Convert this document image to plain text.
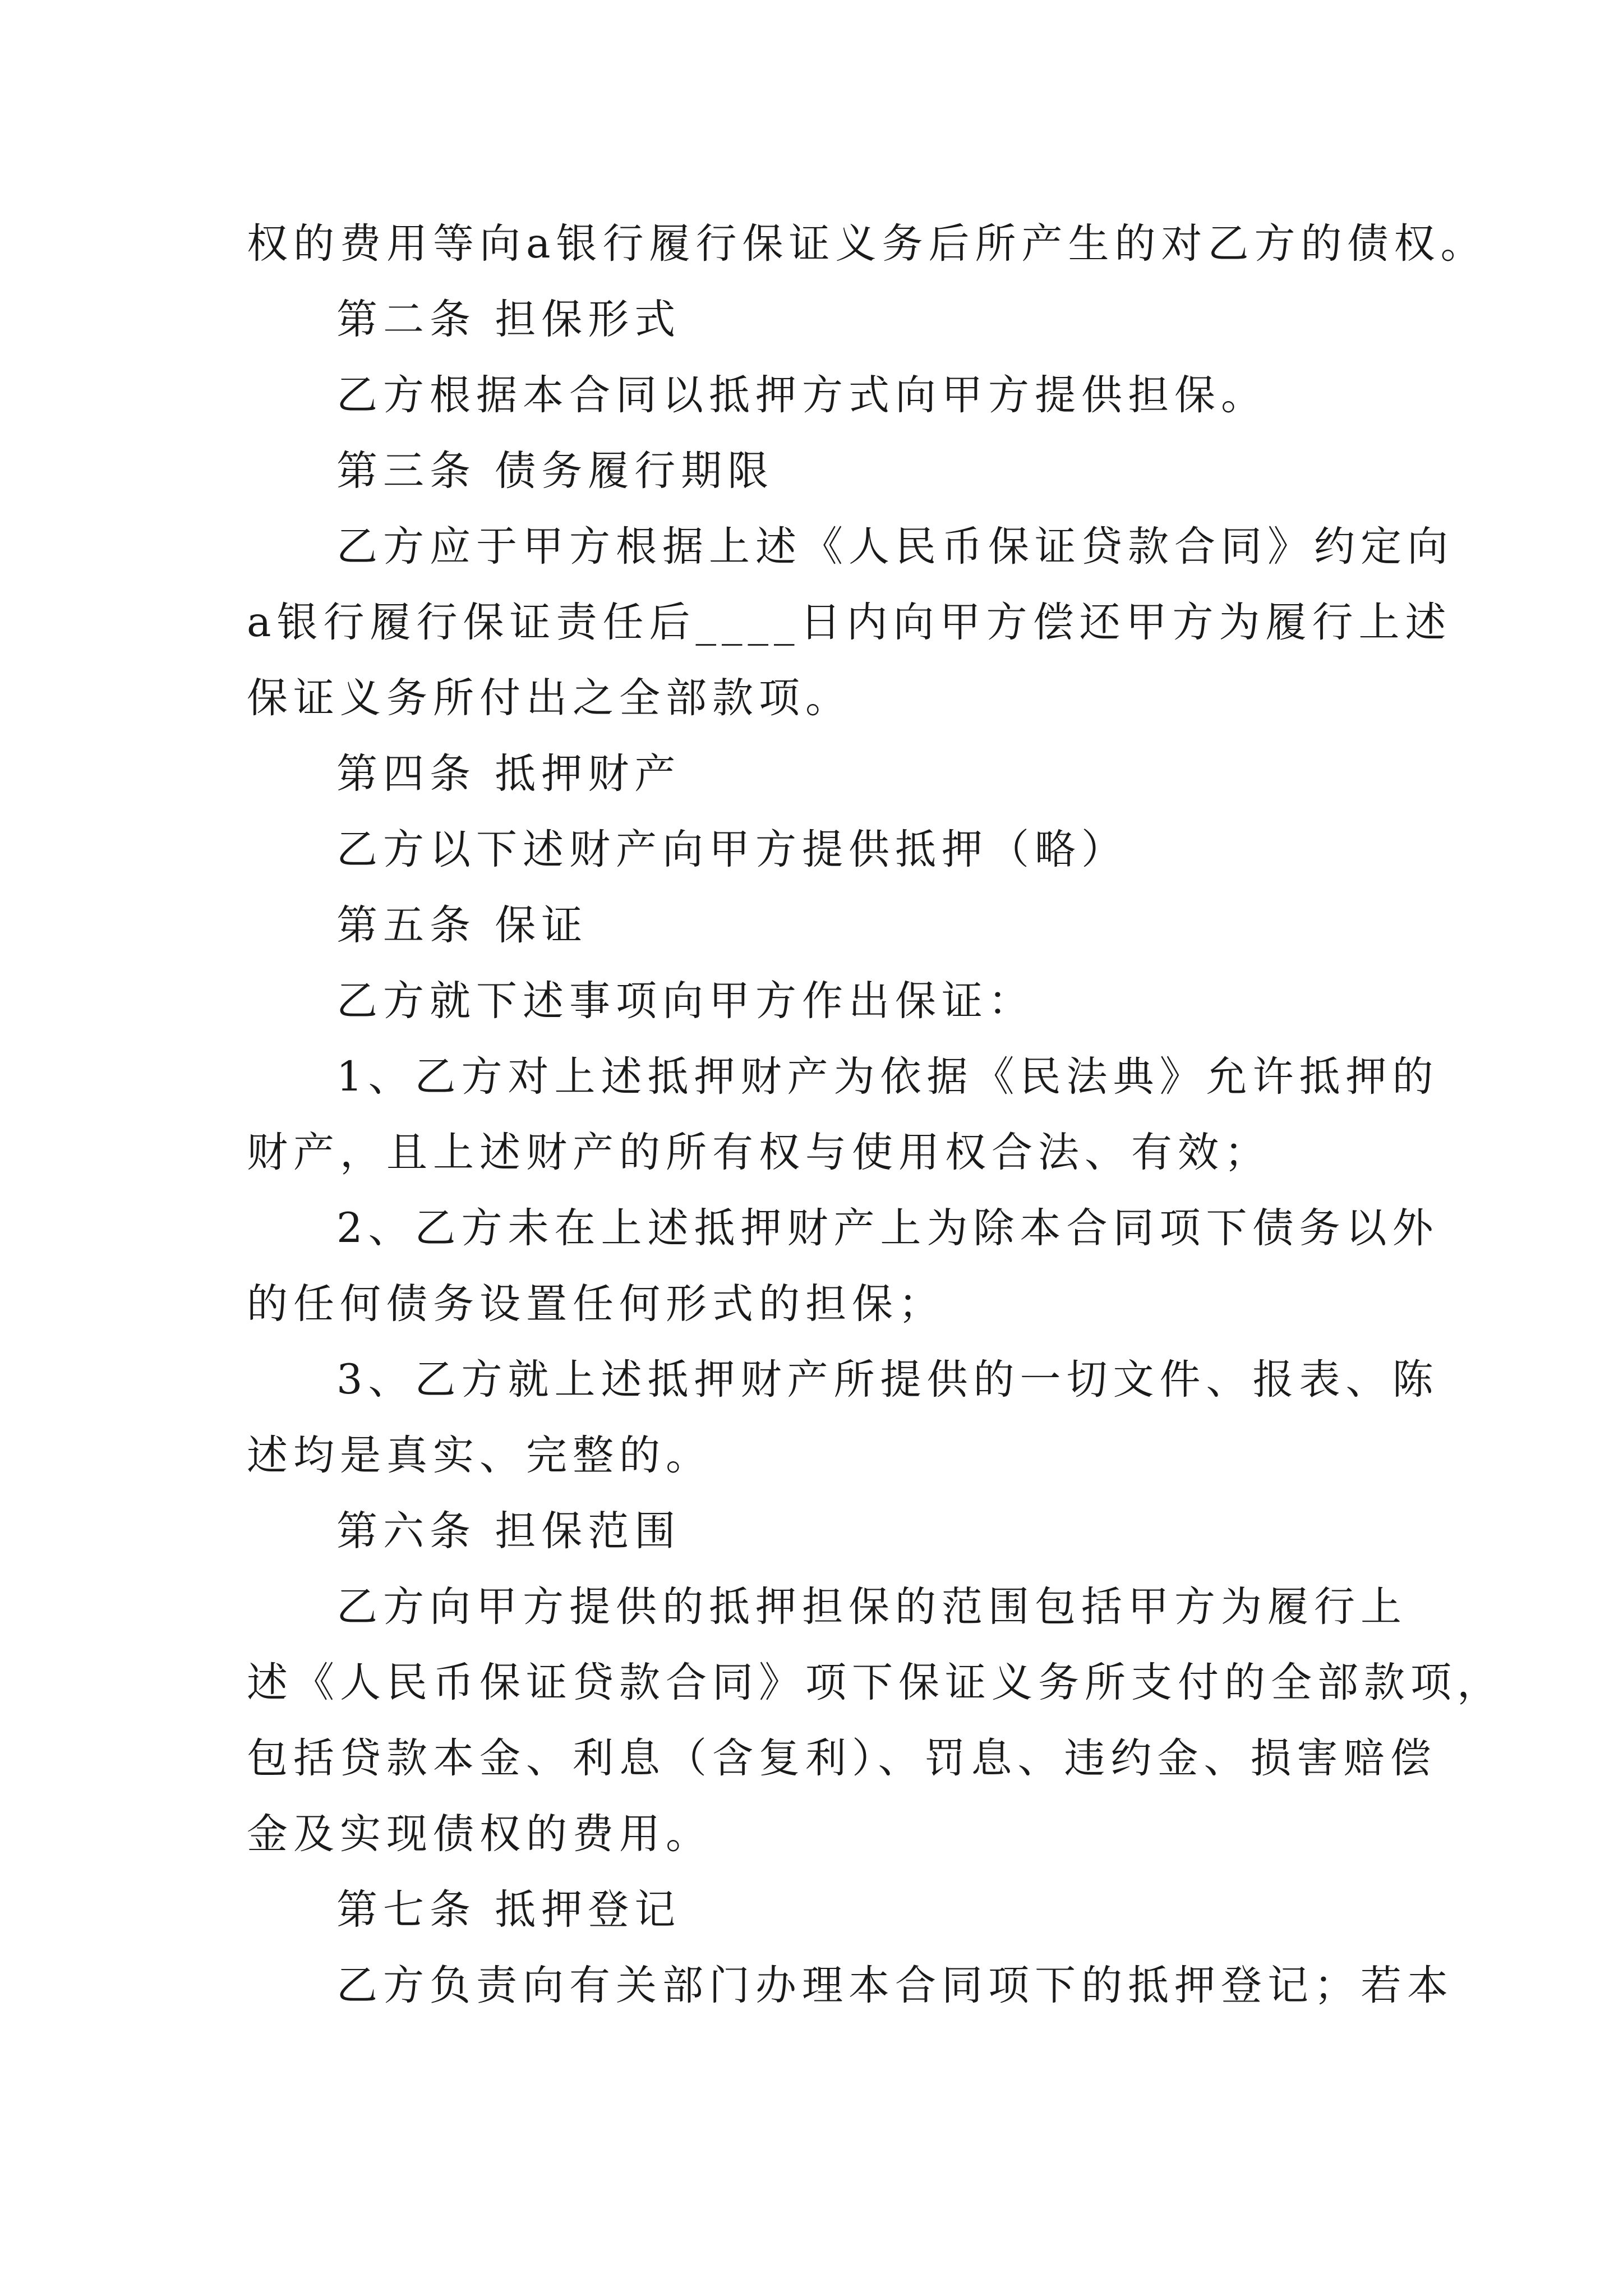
权的费用等向a银行履行保证义务后所产生的对乙方的债权。

第二条 担保形式

乙方根据本合同以抵押方式向甲方提供担保。

第三条 债务履行期限

乙方应于甲方根据上述《人民币保证贷款合同》约定向

a银行履行保证责任后____日内向甲方偿还甲方为履行上述

保证义务所付出之全部款项。

第四条 抵押财产

乙方以下述财产向甲方提供抵押（略）

第五条 保证

乙方就下述事项向甲方作出保证：

1、乙方对上述抵押财产为依据《民法典》允许抵押的

财产，且上述财产的所有权与使用权合法、有效；

2、乙方未在上述抵押财产上为除本合同项下债务以外

的任何债务设置任何形式的担保；

3、乙方就上述抵押财产所提供的一切文件、报表、陈

述均是真实、完整的。

第六条 担保范围

乙方向甲方提供的抵押担保的范围包括甲方为履行上

述《人民币保证贷款合同》项下保证义务所支付的全部款项，

包括贷款本金、利息（含复利）、罚息、违约金、损害赔偿

金及实现债权的费用。

第七条 抵押登记

乙方负责向有关部门办理本合同项下的抵押登记；若本
